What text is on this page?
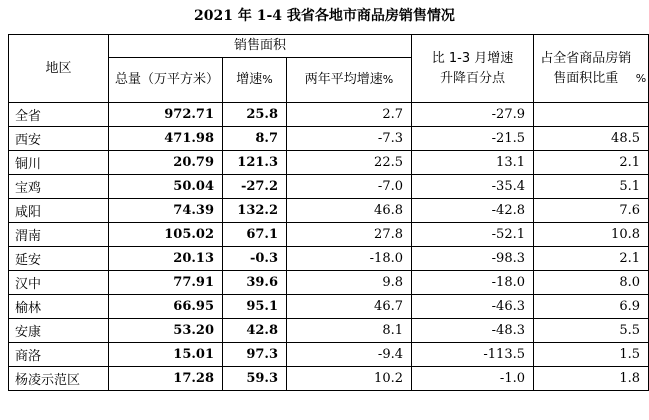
2021 年 1-4 我省各地市商品房销售情况
地区	销售面积			比 1-3 月增速升降百分点	占全省商品房销售面积比重 %
	总量（万平方米）	增速%	两年平均增速%		
全省	972.71	25.8	2.7	-27.9	
西安	471.98	8.7	-7.3	-21.5	48.5
铜川	20.79	121.3	22.5	13.1	2.1
宝鸡	50.04	-27.2	-7.0	-35.4	5.1
咸阳	74.39	132.2	46.8	-42.8	7.6
渭南	105.02	67.1	27.8	-52.1	10.8
延安	20.13	-0.3	-18.0	-98.3	2.1
汉中	77.91	39.6	9.8	-18.0	8.0
榆林	66.95	95.1	46.7	-46.3	6.9
安康	53.20	42.8	8.1	-48.3	5.5
商洛	15.01	97.3	-9.4	-113.5	1.5
杨凌示范区	17.28	59.3	10.2	-1.0	1.8
